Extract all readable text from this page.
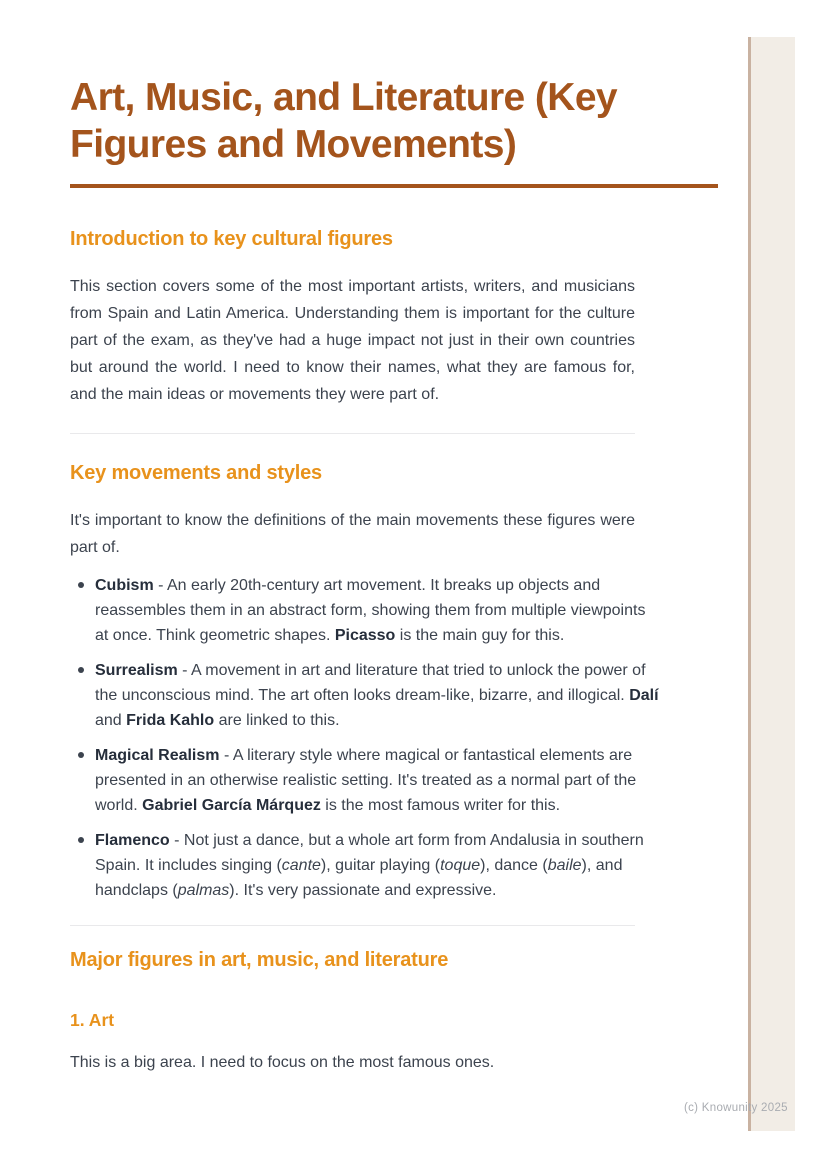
Art, Music, and Literature (Key Figures and Movements)
Introduction to key cultural figures

This section covers some of the most important artists, writers, and musicians from Spain and Latin America. Understanding them is important for the culture part of the exam, as they've had a huge impact not just in their own countries but around the world. I need to know their names, what they are famous for, and the main ideas or movements they were part of.

Key movements and styles

It's important to know the definitions of the main movements these figures were part of.

Cubism - An early 20th-century art movement. It breaks up objects and reassembles them in an abstract form, showing them from multiple viewpoints at once. Think geometric shapes. Picasso is the main guy for this.
Surrealism - A movement in art and literature that tried to unlock the power of the unconscious mind. The art often looks dream-like, bizarre, and illogical. Dalí and Frida Kahlo are linked to this.
Magical Realism - A literary style where magical or fantastical elements are presented in an otherwise realistic setting. It's treated as a normal part of the world. Gabriel García Márquez is the most famous writer for this.
Flamenco - Not just a dance, but a whole art form from Andalusia in southern Spain. It includes singing (cante), guitar playing (toque), dance (baile), and handclaps (palmas). It's very passionate and expressive.
Major figures in art, music, and literature
1. Art

This is a big area. I need to focus on the most famous ones.

(c) Knowunity 2025
